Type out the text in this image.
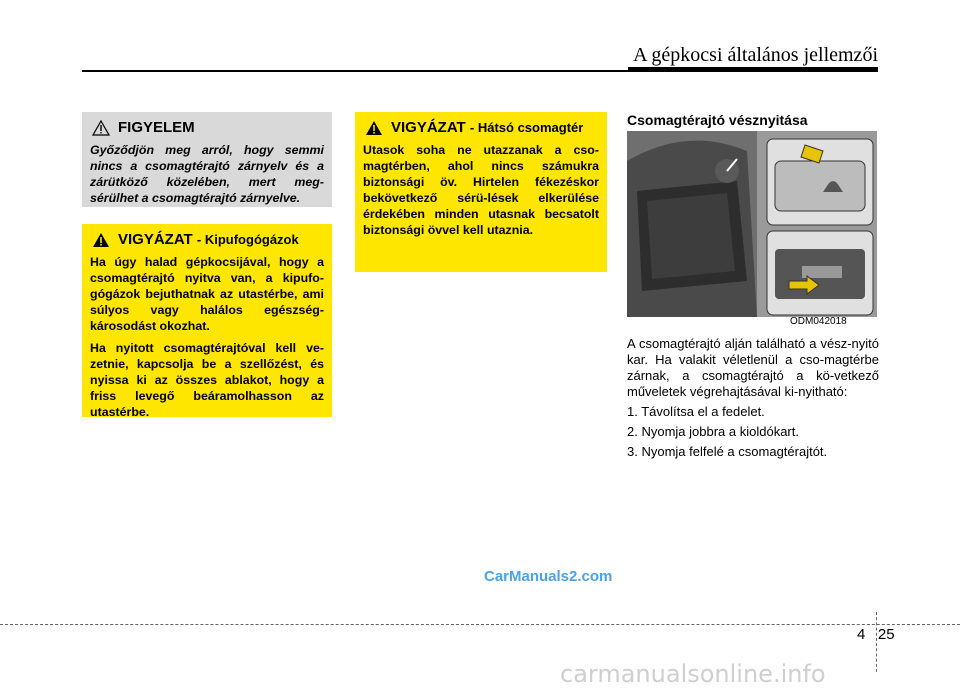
A gépkocsi általános jellemzői
FIGYELEM
Győződjön meg arról, hogy semmi nincs a csomagtérajtó zárnyelv és a zárütköző közelében, mert meg-sérülhet a csomagtérajtó zárnyelve.
VIGYÁZAT - Kipufogógázok

Ha úgy halad gépkocsijával, hogy a csomagtérajtó nyitva van, a kipufo-gógázok bejuthatnak az utastérbe, ami súlyos vagy halálos egészség-károsodást okozhat.

Ha nyitott csomagtérajtóval kell ve-zetnie, kapcsolja be a szellőzést, és nyissa ki az összes ablakot, hogy a friss levegő beáramolhasson az utastérbe.

VIGYÁZAT - Hátsó csomagtér

Utasok soha ne utazzanak a cso-magtérben, ahol nincs számukra biztonsági öv. Hirtelen fékezéskor bekövetkező sérü-lések elkerülése érdekében minden utasnak becsatolt biztonsági övvel kell utaznia.

Csomagtérajtó vésznyitása
ODM042018

A csomagtérajtó alján található a vész-nyitó kar. Ha valakit véletlenül a cso-magtérbe zárnak, a csomagtérajtó a kö-vetkező műveletek végrehajtásával ki-nyitható:

1. Távolítsa el a fedelet.

2. Nyomja jobbra a kioldókart.

3. Nyomja felfelé a csomagtérajtót.

CarManuals2.com
4 25
carmanualsonline.info
